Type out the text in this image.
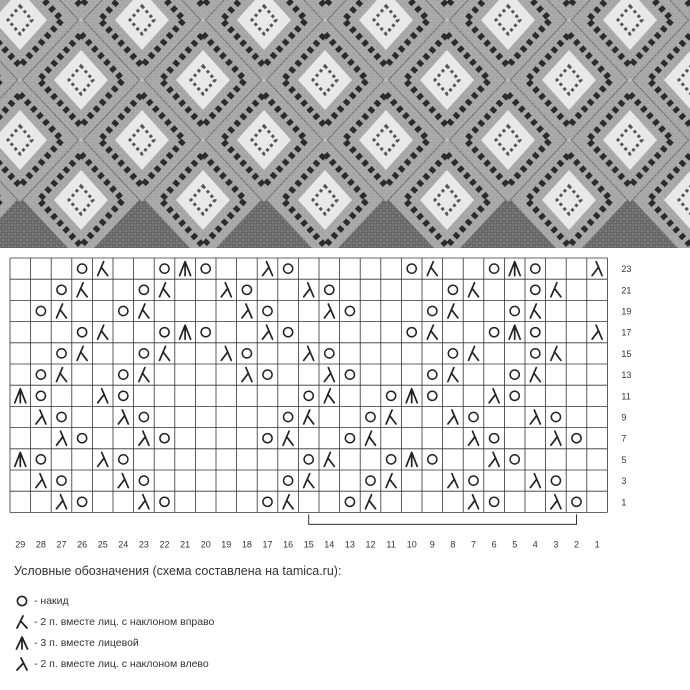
23
21
19
17
15
13
11
9
7
5
3
1
29 28 27 26 25 24 23 22 21 20 19 18 17 16 15 14 13 12 11 10 9 8 7 6 5 4 3 2 1
Условные обозначения (схема составлена на tamica.ru):
- накид
- 2 п. вместе лиц. с наклоном вправо
- 3 п. вместе лицевой
- 2 п. вместе лиц. с наклоном влево
